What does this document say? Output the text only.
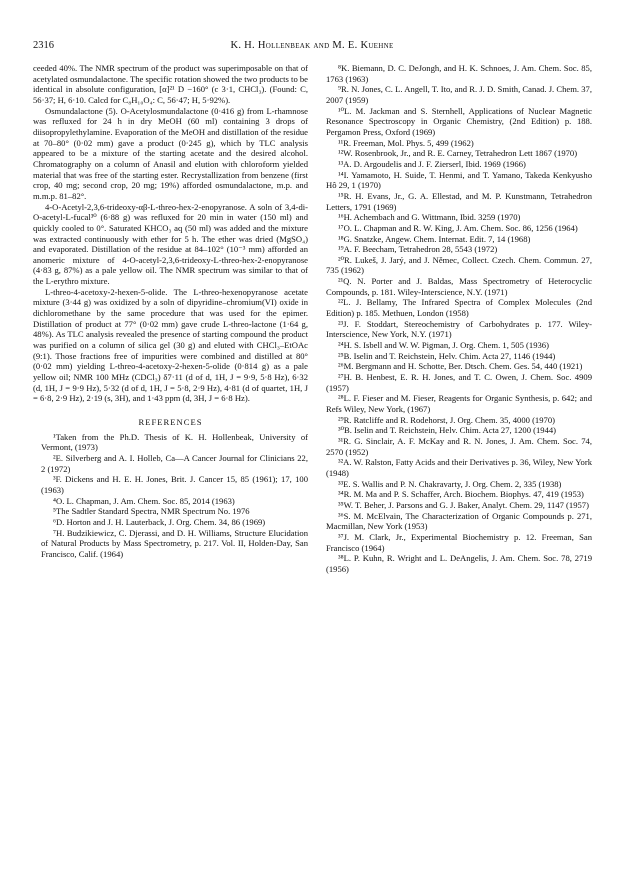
2316	K. H. Hollenbeak and M. E. Kuehne

ceeded 40%. The NMR spectrum of the product was superimposable on that of acetylated osmundalactone. The specific rotation showed the two products to be identical in absolute configuration, [α]²¹ D −160° (c 3·1, CHCl₃). (Found: C, 56·37; H, 6·10. Calcd for C₈H₁₀O₄: C, 56·47; H, 5·92%).

Osmundalactone (5). O-Acetylosmundalactone (0·416 g) from L-rhamnose was refluxed for 24 h in dry MeOH (60 ml) containing 3 drops of diisopropylethylamine. Evaporation of the MeOH and distillation of the residue at 70–80° (0·02 mm) gave a product (0·245 g), which by TLC analysis appeared to be a mixture of the starting acetate and the desired alcohol. Chromatography on a column of Anasil and elution with chloroform yielded material that was free of the starting ester. Recrystallization from benzene (first crop, 40 mg; second crop, 20 mg; 19%) afforded osmundalactone, m.p. and m.m.p. 81–82°.

4-O-Acetyl-2,3,6-trideoxy-αβ-L-threo-hex-2-enopyranose. A soln of 3,4-di-O-acetyl-L-fucal³⁰ (6·88 g) was refluxed for 20 min in water (150 ml) and quickly cooled to 0°. Saturated KHCO₃ aq (50 ml) was added and the mixture was extracted continuously with ether for 5 h. The ether was dried (MgSO₄) and evaporated. Distillation of the residue at 84–102° (10⁻³ mm) afforded an anomeric mixture of 4-O-acetyl-2,3,6-trideoxy-L-threo-hex-2-enopyranose (4·83 g, 87%) as a pale yellow oil. The NMR spectrum was similar to that of the L-erythro mixture.

L-threo-4-acetoxy-2-hexen-5-olide. The L-threo-hexenopyranose acetate mixture (3·44 g) was oxidized by a soln of dipyridine–chromium(VI) oxide in dichloromethane by the same procedure that was used for the epimer. Distillation of product at 77° (0·02 mm) gave crude L-threo-lactone (1·64 g, 48%). As TLC analysis revealed the presence of starting compound the product was purified on a column of silica gel (30 g) and eluted with CHCl₃–EtOAc (9:1). Those fractions free of impurities were combined and distilled at 80° (0·02 mm) yielding L-threo-4-acetoxy-2-hexen-5-olide (0·814 g) as a pale yellow oil; NMR 100 MHz (CDCl₃) δ7·11 (d of d, 1H, J = 9·9, 5·8 Hz), 6·32 (d, 1H, J = 9·9 Hz), 5·32 (d of d, 1H, J = 5·8, 2·9 Hz), 4·81 (d of quartet, 1H, J = 6·8, 2·9 Hz), 2·19 (s, 3H), and 1·43 ppm (d, 3H, J = 6·8 Hz).

REFERENCES

¹Taken from the Ph.D. Thesis of K. H. Hollenbeak, University of Vermont, (1973)

²E. Silverberg and A. I. Holleb, Ca—A Cancer Journal for Clinicians 22, 2 (1972)

³F. Dickens and H. E. H. Jones, Brit. J. Cancer 15, 85 (1961); 17, 100 (1963)

⁴O. L. Chapman, J. Am. Chem. Soc. 85, 2014 (1963)

⁵The Sadtler Standard Spectra, NMR Spectrum No. 1976

⁶D. Horton and J. H. Lauterback, J. Org. Chem. 34, 86 (1969)

⁷H. Budzikiewicz, C. Djerassi, and D. H. Williams, Structure Elucidation of Natural Products by Mass Spectrometry, p. 217. Vol. II, Holden-Day, San Francisco, Calif. (1964)

⁸K. Biemann, D. C. DeJongh, and H. K. Schnoes, J. Am. Chem. Soc. 85, 1763 (1963)

⁹R. N. Jones, C. L. Angell, T. Ito, and R. J. D. Smith, Canad. J. Chem. 37, 2007 (1959)

¹⁰L. M. Jackman and S. Sternhell, Applications of Nuclear Magnetic Resonance Spectroscopy in Organic Chemistry, (2nd Edition) p. 188. Pergamon Press, Oxford (1969)

¹¹R. Freeman, Mol. Phys. 5, 499 (1962)

¹²W. Rosenbrook, Jr., and R. E. Carney, Tetrahedron Lett 1867 (1970)

¹³A. D. Argoudelis and J. F. Zierserl, Ibid. 1969 (1966)

¹⁴I. Yamamoto, H. Suide, T. Henmi, and T. Yamano, Takeda Kenkyusho Hô 29, 1 (1970)

¹⁵R. H. Evans, Jr., G. A. Ellestad, and M. P. Kunstmann, Tetrahedron Letters, 1791 (1969)

¹⁶H. Achembach and G. Wittmann, Ibid. 3259 (1970)

¹⁷O. L. Chapman and R. W. King, J. Am. Chem. Soc. 86, 1256 (1964)

¹⁸G. Snatzke, Angew. Chem. Internat. Edit. 7, 14 (1968)

¹⁹A. F. Beecham, Tetrahedron 28, 5543 (1972)

²⁰R. Lukeš, J. Jarý, and J. Němec, Collect. Czech. Chem. Commun. 27, 735 (1962)

²¹Q. N. Porter and J. Baldas, Mass Spectrometry of Heterocyclic Compounds, p. 181. Wiley-Interscience, N.Y. (1971)

²²L. J. Bellamy, The Infrared Spectra of Complex Molecules (2nd Edition) p. 185. Methuen, London (1958)

²³J. F. Stoddart, Stereochemistry of Carbohydrates p. 177. Wiley-Interscience, New York, N.Y. (1971)

²⁴H. S. Isbell and W. W. Pigman, J. Org. Chem. 1, 505 (1936)

²⁵B. Iselin and T. Reichstein, Helv. Chim. Acta 27, 1146 (1944)

²⁶M. Bergmann and H. Schotte, Ber. Dtsch. Chem. Ges. 54, 440 (1921)

²⁷H. B. Henbest, E. R. H. Jones, and T. C. Owen, J. Chem. Soc. 4909 (1957)

²⁸L. F. Fieser and M. Fieser, Reagents for Organic Synthesis, p. 642; and Refs Wiley, New York, (1967)

²⁹R. Ratcliffe and R. Rodehorst, J. Org. Chem. 35, 4000 (1970)

³⁰B. Iselin and T. Reichstein, Helv. Chim. Acta 27, 1200 (1944)

³¹R. G. Sinclair, A. F. McKay and R. N. Jones, J. Am. Chem. Soc. 74, 2570 (1952)

³²A. W. Ralston, Fatty Acids and their Derivatives p. 36, Wiley, New York (1948)

³³E. S. Wallis and P. N. Chakravarty, J. Org. Chem. 2, 335 (1938)

³⁴R. M. Ma and P. S. Schaffer, Arch. Biochem. Biophys. 47, 419 (1953)

³⁵W. T. Beher, J. Parsons and G. J. Baker, Analyt. Chem. 29, 1147 (1957)

³⁶S. M. McElvain, The Characterization of Organic Compounds p. 271, Macmillan, New York (1953)

³⁷J. M. Clark, Jr., Experimental Biochemistry p. 12. Freeman, San Francisco (1964)

³⁸L. P. Kuhn, R. Wright and L. DeAngelis, J. Am. Chem. Soc. 78, 2719 (1956)
